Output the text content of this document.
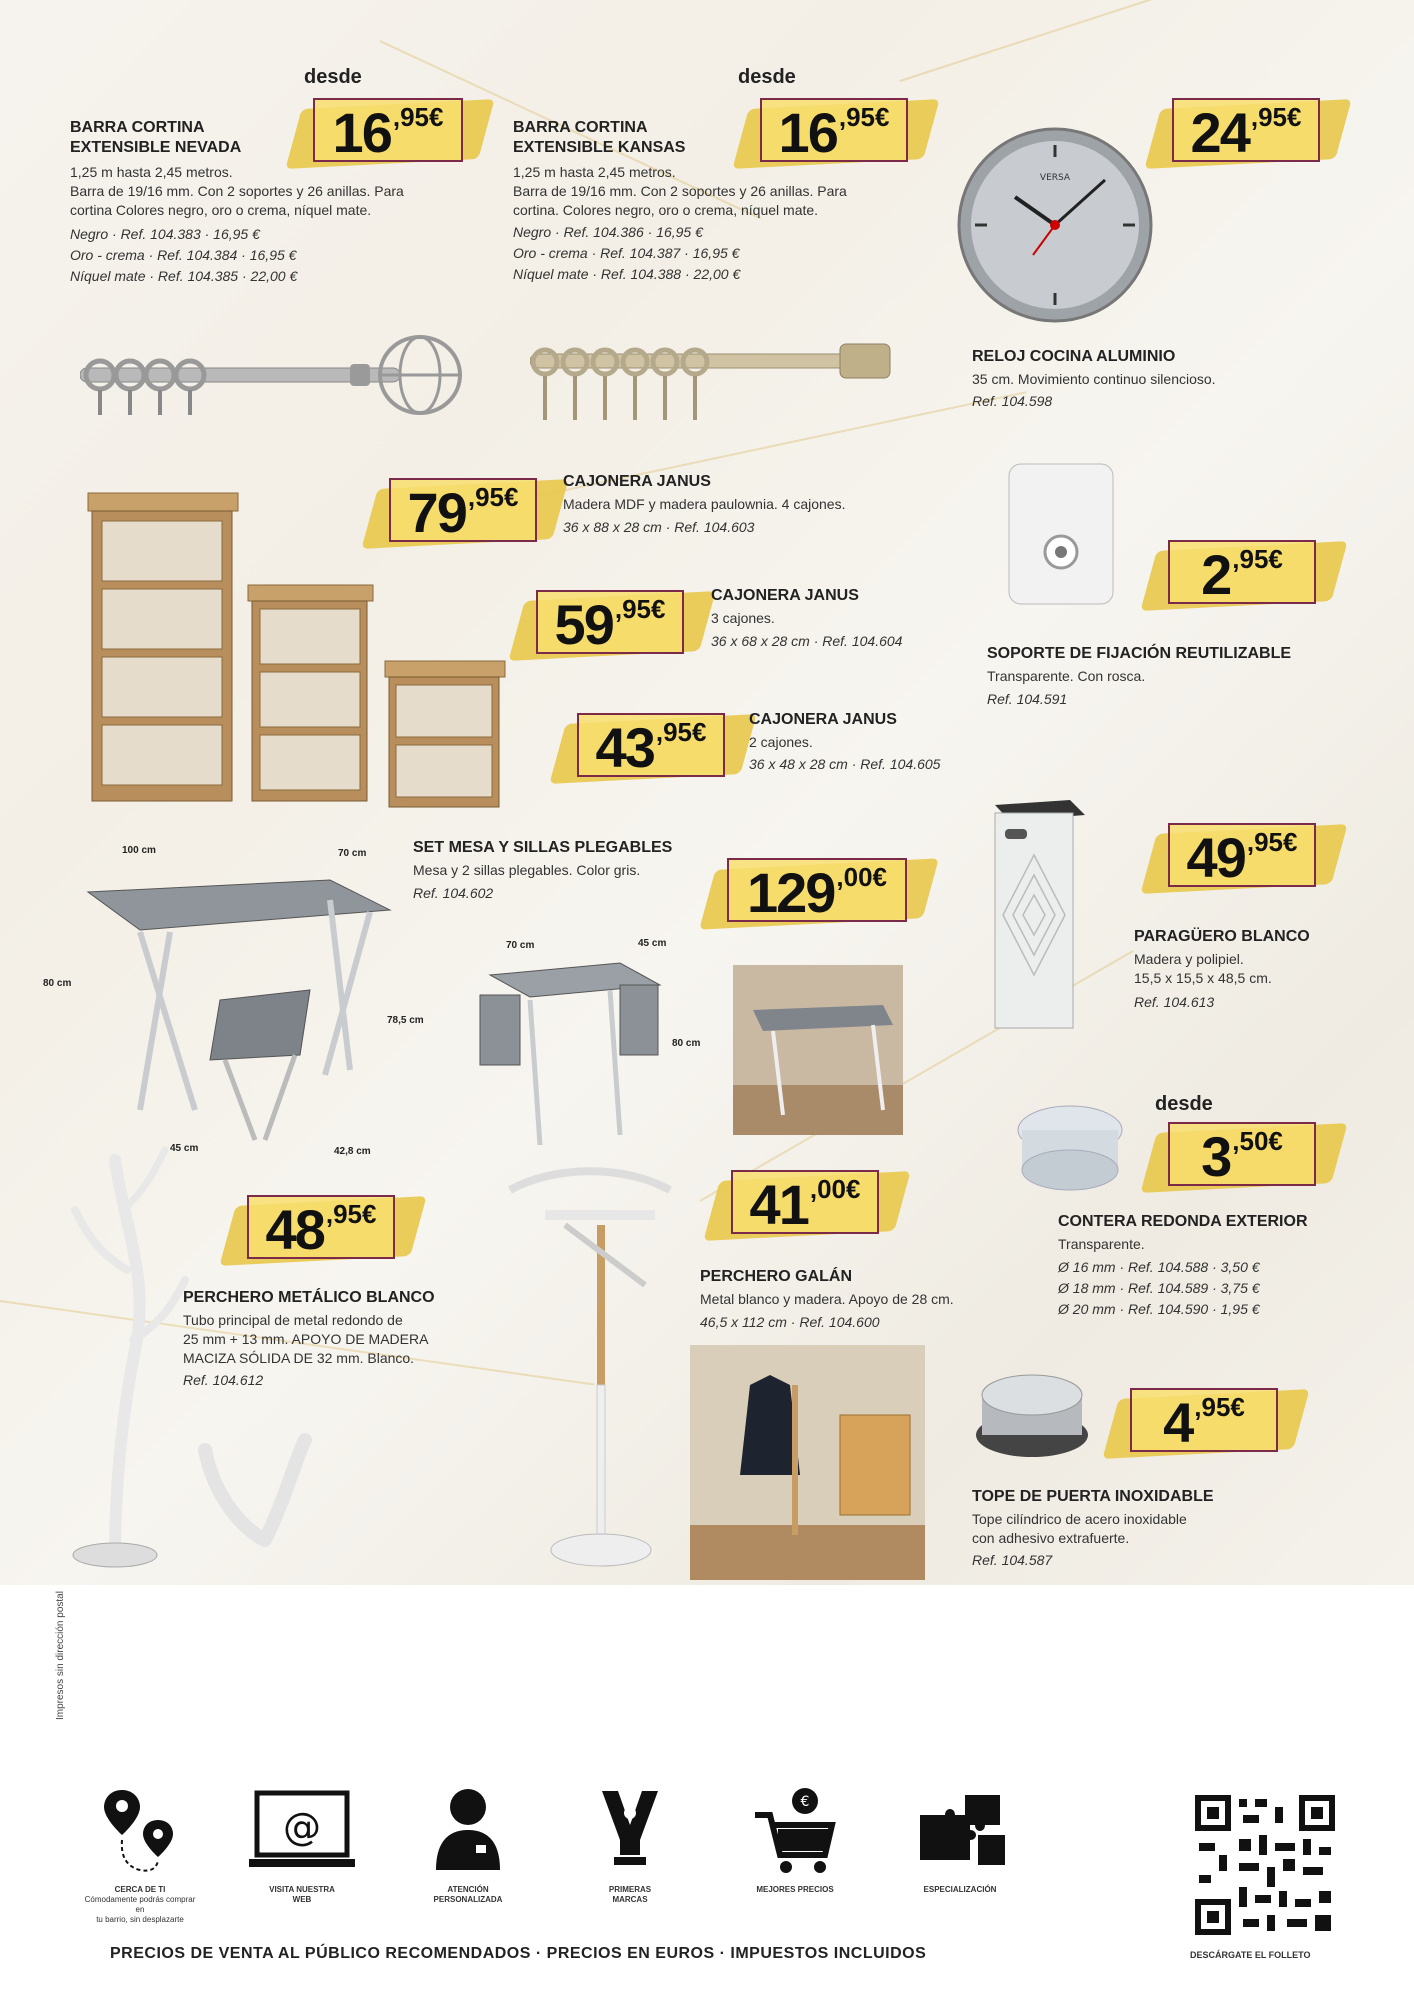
desde
16 ,95€
BARRA CORTINA
EXTENSIBLE NEVADA
1,25 m hasta 2,45 metros.
Barra de 19/16 mm. Con 2 soportes y 26 anillas. Para
cortina Colores negro, oro o crema, níquel mate.
Negro · Ref. 104.383 · 16,95 €
Oro - crema · Ref. 104.384 · 16,95 €
Níquel mate · Ref. 104.385 · 22,00 €
desde
16 ,95€
BARRA CORTINA
EXTENSIBLE KANSAS
1,25 m hasta 2,45 metros.
Barra de 19/16 mm. Con 2 soportes y 26 anillas. Para
cortina. Colores negro, oro o crema, níquel mate.
Negro · Ref. 104.386 · 16,95 €
Oro - crema · Ref. 104.387 · 16,95 €
Níquel mate · Ref. 104.388 · 22,00 €
24 ,95€
VERSA
RELOJ COCINA ALUMINIO
35 cm. Movimiento continuo silencioso.
Ref. 104.598
79 ,95€
CAJONERA JANUS
Madera MDF y madera paulownia. 4 cajones.
36 x 88 x 28 cm · Ref. 104.603
59 ,95€	CAJONERA JANUS
3 cajones.
36 x 68 x 28 cm · Ref. 104.604
43 ,95€	CAJONERA JANUS
2 cajones.
36 x 48 x 28 cm · Ref. 104.605
2 ,95€
SOPORTE DE FIJACIÓN REUTILIZABLE
Transparente. Con rosca.
Ref. 104.591
SET MESA Y SILLAS PLEGABLES
Mesa y 2 sillas plegables. Color gris.
Ref. 104.602	129 ,00€
100 cm	70 cm
80 cm
78,5 cm
45 cm	42,8 cm
70 cm	45 cm
80 cm
49 ,95€
PARAGÜERO BLANCO
Madera y polipiel.
15,5 x 15,5 x 48,5 cm.
Ref. 104.613
desde
3 ,50€
CONTERA REDONDA EXTERIOR
Transparente.
Ø 16 mm · Ref. 104.588 · 3,50 €
Ø 18 mm · Ref. 104.589 · 3,75 €
Ø 20 mm · Ref. 104.590 · 1,95 €
48 ,95€
PERCHERO METÁLICO BLANCO
Tubo principal de metal redondo de
25 mm + 13 mm. APOYO DE MADERA
MACIZA SÓLIDA DE 32 mm. Blanco.
Ref. 104.612
41 ,00€
PERCHERO GALÁN
Metal blanco y madera. Apoyo de 28 cm.
46,5 x 112 cm · Ref. 104.600
4 ,95€
TOPE DE PUERTA INOXIDABLE
Tope cilíndrico de acero inoxidable
con adhesivo extrafuerte.
Ref. 104.587
Impresos sin dirección postal
CERCA DE TI
Cómodamente podrás comprar en
tu barrio, sin desplazarte
@
VISITA NUESTRA
WEB
ATENCIÓN
PERSONALIZADA
PRIMERAS
MARCAS
€
MEJORES PRECIOS	ESPECIALIZACIÓN
PRECIOS DE VENTA AL PÚBLICO RECOMENDADOS · PRECIOS EN EUROS · IMPUESTOS INCLUIDOS	DESCÁRGATE EL FOLLETO
